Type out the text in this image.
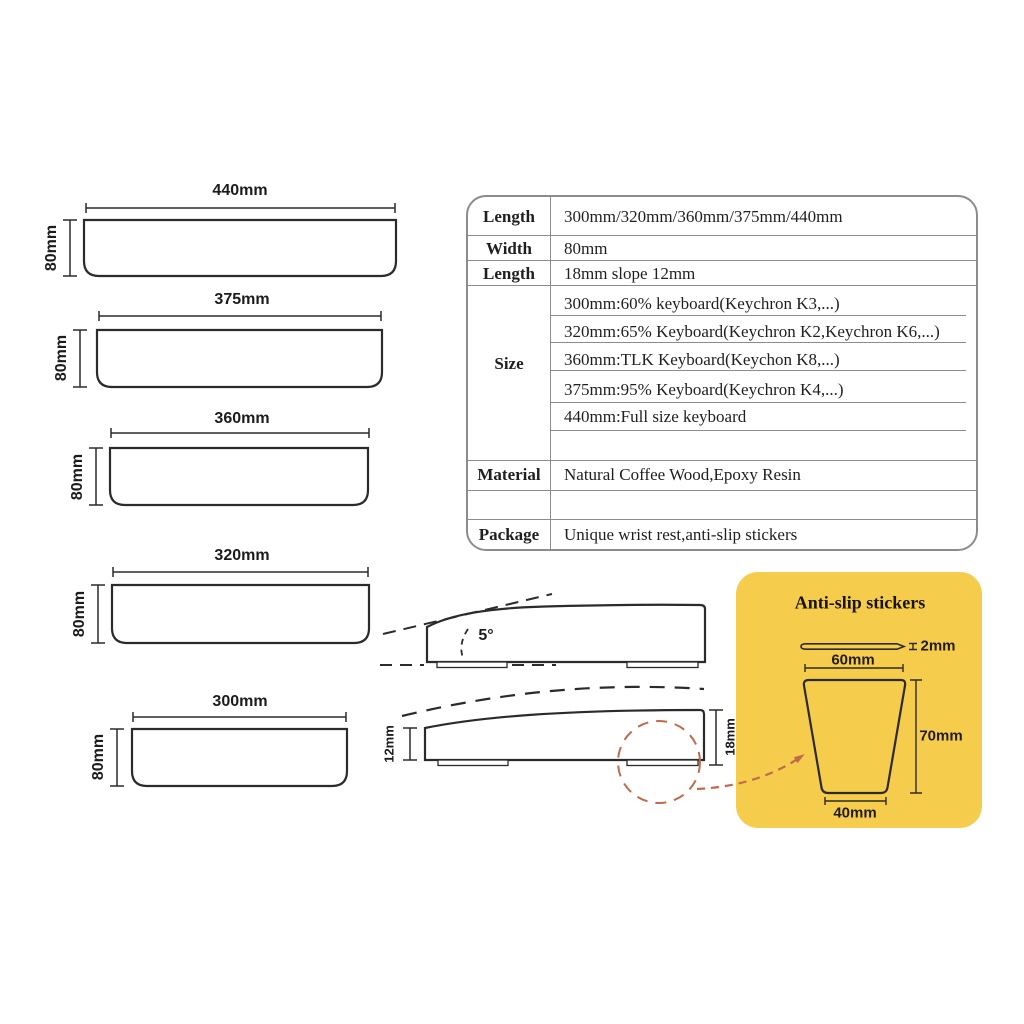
440mm
80mm
375mm
80mm
360mm
80mm
320mm
80mm
300mm
80mm
5°
12mm	18mm
Anti-slip stickers
2mm
60mm
70mm
40mm
Length	300mm/320mm/360mm/375mm/440mm
Width	80mm
Length	18mm slope 12mm
Size
300mm:60% keyboard(Keychron K3,...)
320mm:65% Keyboard(Keychron K2,Keychron K6,...)
360mm:TLK Keyboard(Keychon K8,...)
375mm:95% Keyboard(Keychron K4,...)
440mm:Full size keyboard
Material	Natural Coffee Wood,Epoxy Resin
Package	Unique wrist rest,anti-slip stickers
